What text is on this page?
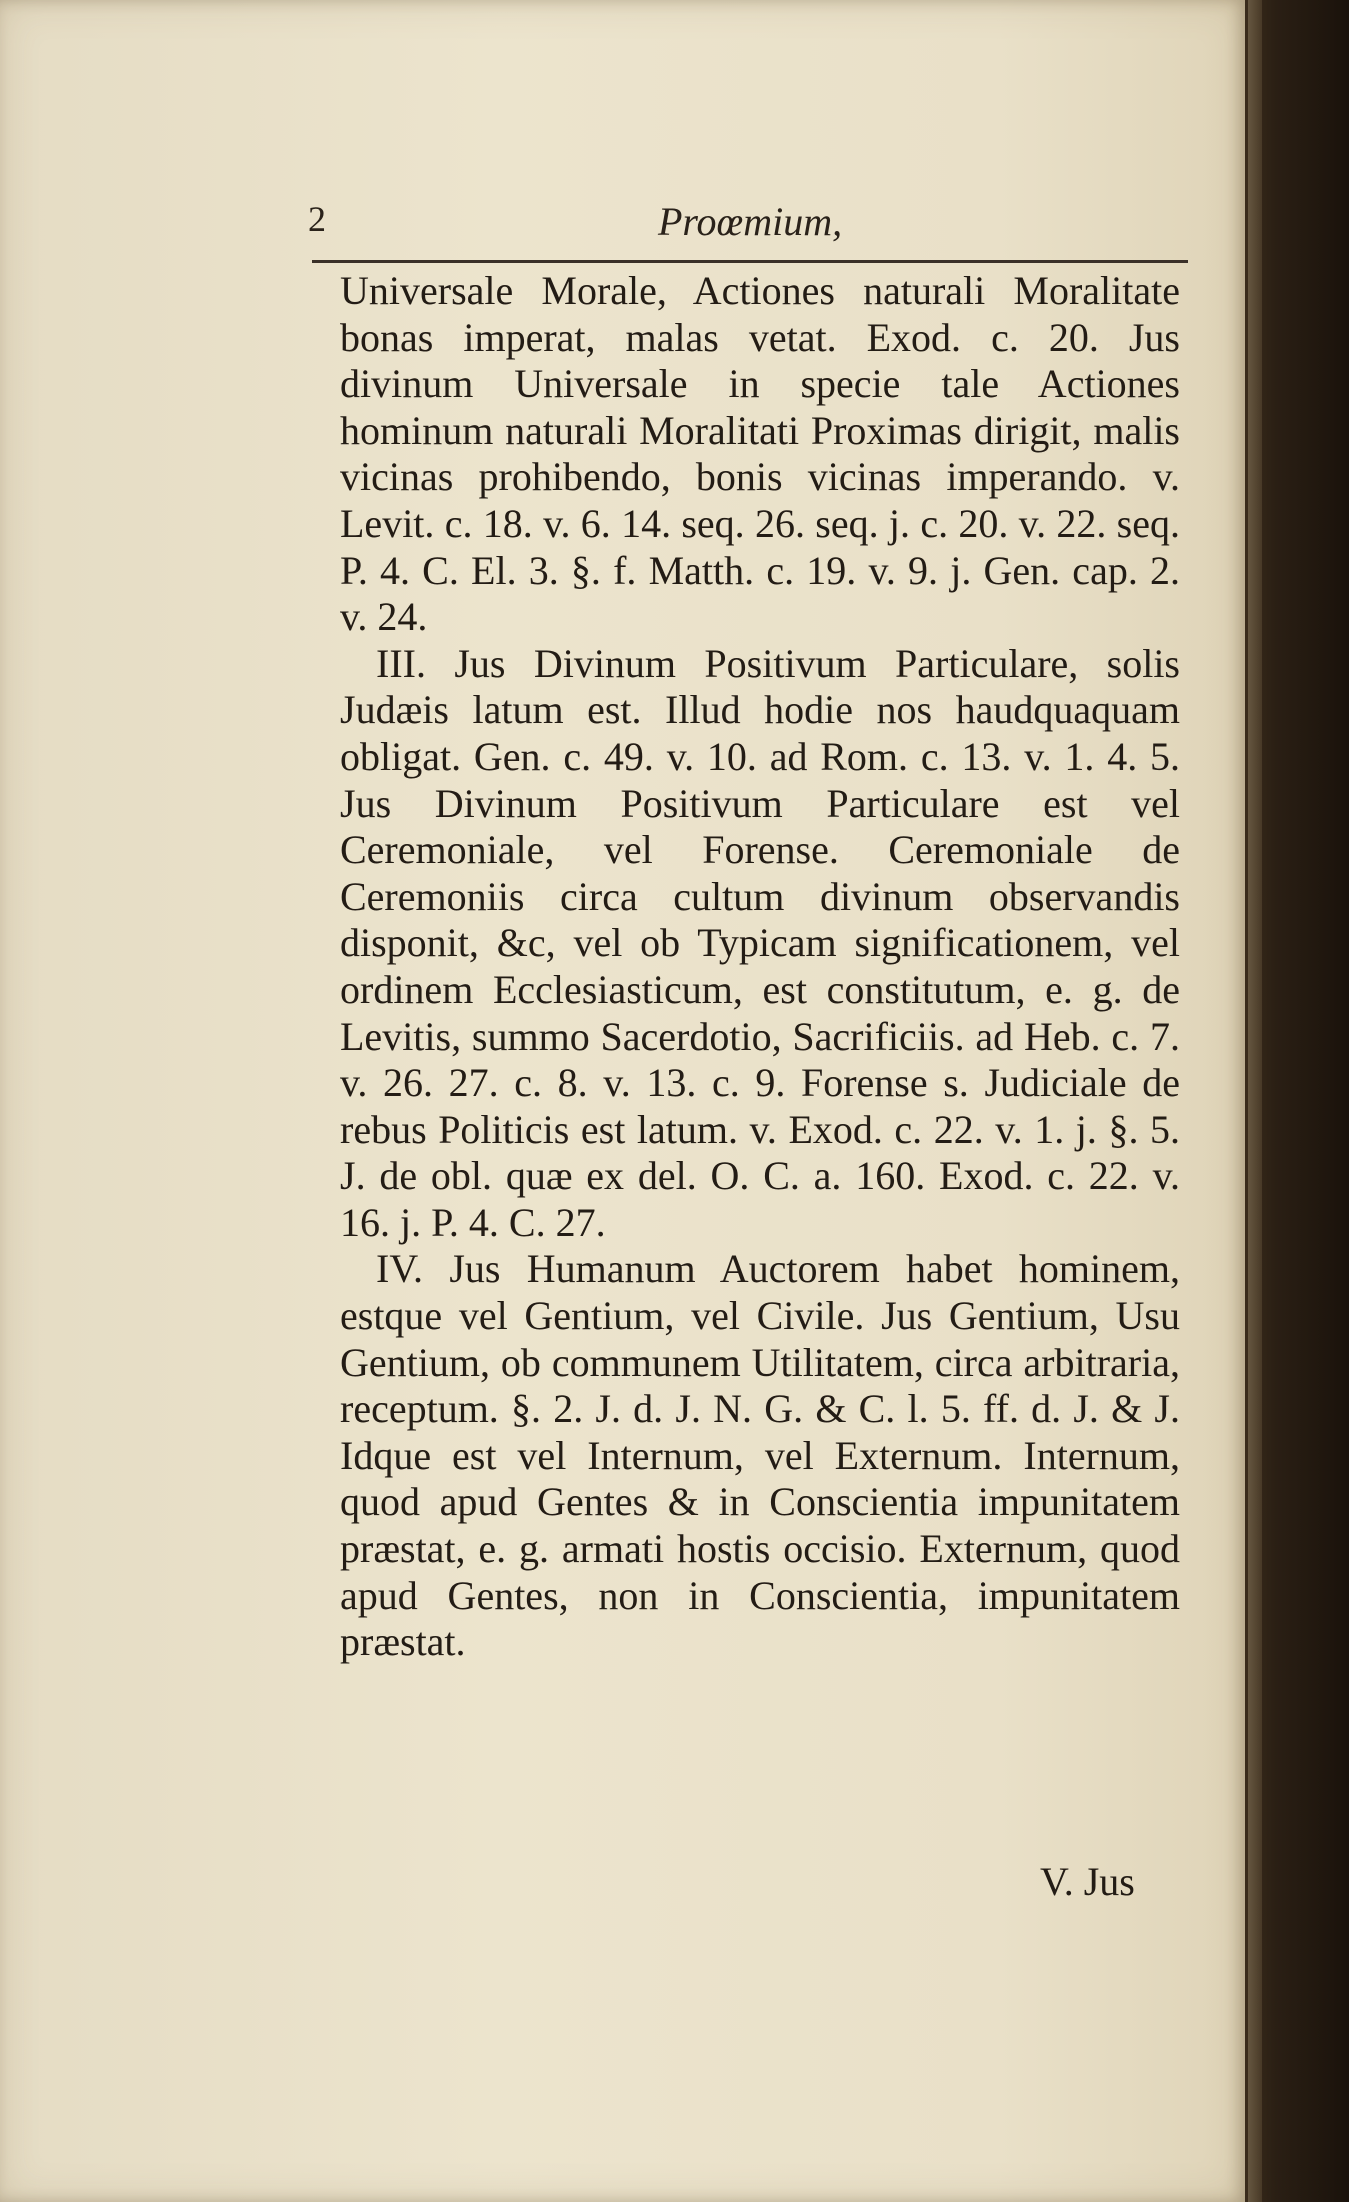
2	Proœmium,

Universale Morale, Actiones naturali Moralitate bonas imperat, malas vetat. Exod. c. 20. Jus divinum Universale in specie tale Actiones hominum naturali Moralitati Proximas dirigit, malis vicinas prohibendo, bonis vicinas imperando. v. Levit. c. 18. v. 6. 14. seq. 26. seq. j. c. 20. v. 22. seq. P. 4. C. El. 3. §. f. Matth. c. 19. v. 9. j. Gen. cap. 2. v. 24.

III. Jus Divinum Positivum Particulare, solis Judæis latum est. Illud hodie nos haudquaquam obligat. Gen. c. 49. v. 10. ad Rom. c. 13. v. 1. 4. 5. Jus Divinum Positivum Particulare est vel Ceremoniale, vel Forense. Ceremoniale de Ceremoniis circa cultum divinum observandis disponit, &c, vel ob Typicam significationem, vel ordinem Ecclesiasticum, est constitutum, e. g. de Levitis, summo Sacerdotio, Sacrificiis. ad Heb. c. 7. v. 26. 27. c. 8. v. 13. c. 9. Forense s. Judiciale de rebus Politicis est latum. v. Exod. c. 22. v. 1. j. §. 5. J. de obl. quæ ex del. O. C. a. 160. Exod. c. 22. v. 16. j. P. 4. C. 27.

IV. Jus Humanum Auctorem habet hominem, estque vel Gentium, vel Civile. Jus Gentium, Usu Gentium, ob communem Utilitatem, circa arbitraria, receptum. §. 2. J. d. J. N. G. & C. l. 5. ff. d. J. & J. Idque est vel Internum, vel Externum. Internum, quod apud Gentes & in Conscientia impunitatem præstat, e. g. armati hostis occisio. Externum, quod apud Gentes, non in Conscientia, impunitatem præstat.

V. Jus
